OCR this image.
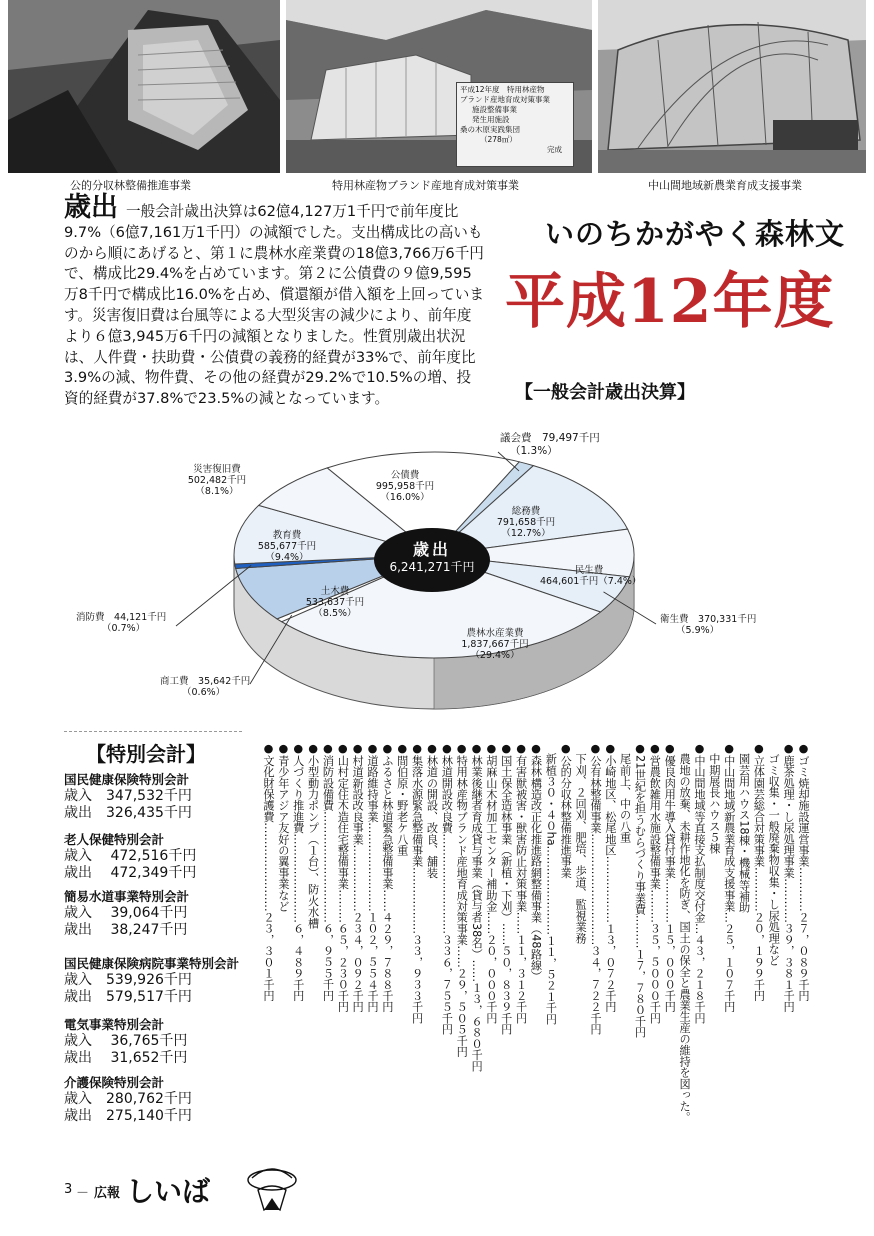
平成12年度　特用林産物
ブランド産地育成対策事業
施設整備事業
発生用施設
桑の木原実践集団
（278㎡）
完成
公的分収林整備推進事業	特用林産物ブランド産地育成対策事業	中山間地域新農業育成支援事業
いのちかがやく森林文
平成12年度
歳出 一般会計歳出決算は62億4,127万1千円で前年度比 9.7%（6億7,161万1千円）の減額でした。支出構成比の高いものから順にあげると、第１に農林水産業費の18億3,766万6千円で、構成比29.4%を占めています。第２に公債費の９億9,595万8千円で構成比16.0%を占め、償還額が借入額を上回っています。災害復旧費は台風等による大型災害の減少により、前年度より６億3,945万6千円の減額となりました。性質別歳出状況は、人件費・扶助費・公債費の義務的経費が33%で、前年度比3.9%の減、物件費、その他の経費が29.2%で10.5%の増、投資的経費が37.8%で23.5%の減となっています。	【一般会計歳出決算】
歳出
6,241,271千円
議会費　 79,497千円
（1.3%）
総務費
791,658千円
（12.7%）
民生費
464,601千円（7.4%）
衛生費　 370,331千円
（5.9%）
農林水産業費
1,837,667千円
（29.4%）
商工費　 35,642千円
（0.6%）
土木費
533,637千円
（8.5%）
消防費　 44,121千円
（0.7%）
教育費
585,677千円
（9.4%）
災害復旧費
502,482千円
（8.1%）
公債費
995,958千円
（16.0%）
【特別会計】
国民健康保険特別会計
歳入　347,532千円
歳出　326,435千円
老人保健特別会計
歳入　 472,516千円
歳出　 472,349千円
簡易水道事業特別会計
歳入　 39,064千円
歳出　 38,247千円
国民健康保険病院事業特別会計
歳入　539,926千円
歳出　579,517千円
電気事業特別会計
歳入　 36,765千円
歳出　 31,652千円
介護保険特別会計
歳入　280,762千円
歳出　275,140千円
●ゴミ焼却施設運営事業…………２７，０８９千円
●鹿茶処理・し尿処理事業…………３９，３８１千円
　ゴミ収集・一般廃棄物収集・し尿処理など
●立体園芸総合対策事業…………２０，１９９千円
　園芸用ハウス18棟・機械等補助
●中山間地域新農業育成支援事業…２５，１０７千円
　中期展長ハウス５棟
●中山間地域等直接支払制度交付金…４３，２１８千円
　農地の放棄、未耕作地化を防ぎ、国土の保全と農業生産の維持を図った。
●優良肉用牛導入貸付事業…………１５，０００千円
●営農飲雑用水施設整備事業………３５，５０００千円
●21世紀を担うむらづくり事業費………１７，７８０千円
　尾前上、中の八重
●小崎地区、松尾地区………………１３，０７２千円
●公有林整備事業…………………………３４，７２２千円
　下刈、２回刈、肥培、歩道、監視業務
●公的分収林整備推進事業
　新植３０・４０ha……………………１１，５２１千円
●森林構造改正化推進路網整備事業（48路線）
●有害獣被害・獣害防止対策事業……１１，３１２千円
●国土保全造林事業（新植・下刈）……５０，８３９千円
●胡麻山木材加工センター補助金……２０，０００千円
●林業後継者育成貸与事業（貸与者38名）……１３，６８０千円
●特用林産物ブランド産地育成対策事業……２９，５０５千円
●林道開設改良費………………………３３６，７５５千円
●林道の開設、改良、舗装
●集落水源緊急整備事業………………３３，９３３千円
●間伯原・野老ケ八重
●ふるさと林道緊急整備事業……４２９，７８８千円
●道路維持事業……………………１０２，５５４千円
●村道新設改良事業………………２３４，０９２千円
●山村定住木造住宅整備事業………６５，２３０千円
●消防設備費…………………………６，９５５千円
●小型動力ポンプ（１台）、防火水槽
●人づくり推進費……………………６，４８９千円
●青少年アジア友好の翼事業など
●文化財保護費……………………２３，３０１千円
3 － 広報 しいば
